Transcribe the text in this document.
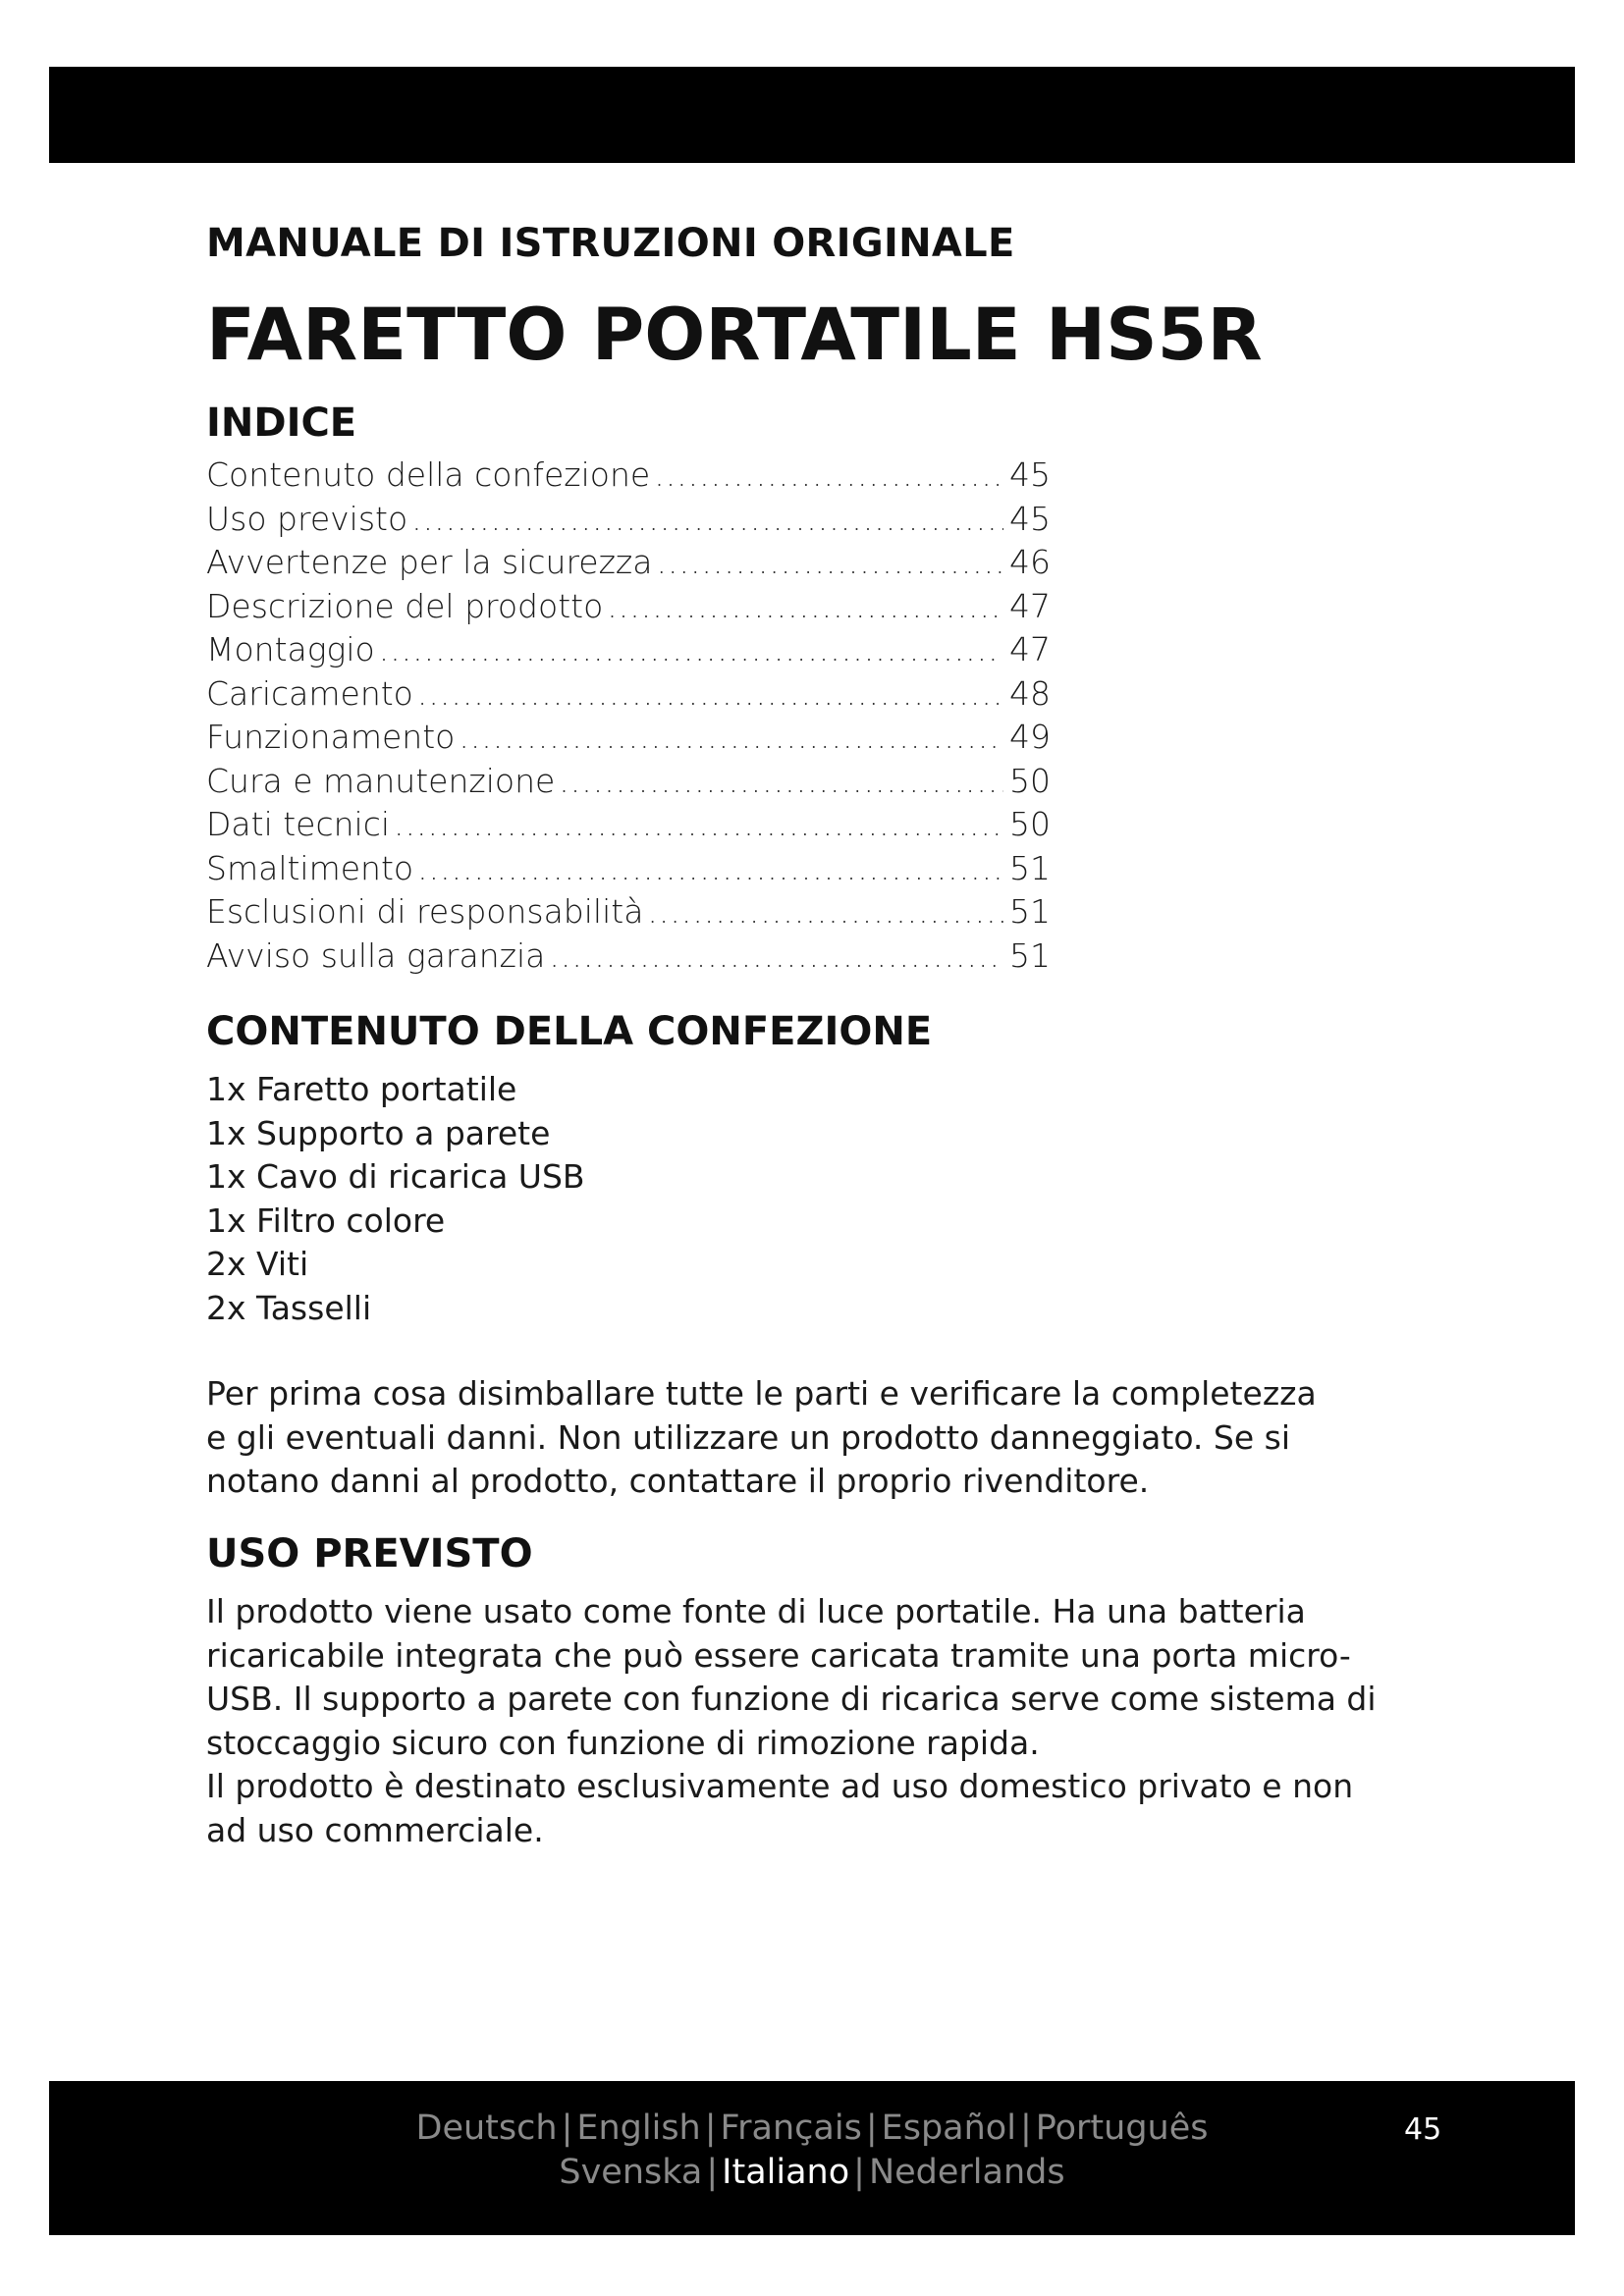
MANUALE DI ISTRUZIONI ORIGINALE
FARETTO PORTATILE HS5R
INDICE
Contenuto della confezione .....	45
Uso previsto .....	45
Avvertenze per la sicurezza .....	46
Descrizione del prodotto .....	47
Montaggio .....	47
Caricamento .....	48
Funzionamento .....	49
Cura e manutenzione .....	50
Dati tecnici .....	50
Smaltimento .....	51
Esclusioni di responsabilità .....	51
Avviso sulla garanzia .....	51
CONTENUTO DELLA CONFEZIONE
1x Faretto portatile
1x Supporto a parete
1x Cavo di ricarica USB
1x Filtro colore
2x Viti
2x Tasselli

Per prima cosa disimballare tutte le parti e verificare la completezza
e gli eventuali danni. Non utilizzare un prodotto danneggiato. Se si
notano danni al prodotto, contattare il proprio rivenditore.

USO PREVISTO

Il prodotto viene usato come fonte di luce portatile. Ha una batteria
ricaricabile integrata che può essere caricata tramite una porta micro-
USB. Il supporto a parete con funzione di ricarica serve come sistema di
stoccaggio sicuro con funzione di rimozione rapida.
Il prodotto è destinato esclusivamente ad uso domestico privato e non
ad uso commerciale.

Deutsch | English | Français | Español | Português
Svenska | Italiano | Nederlands
45
